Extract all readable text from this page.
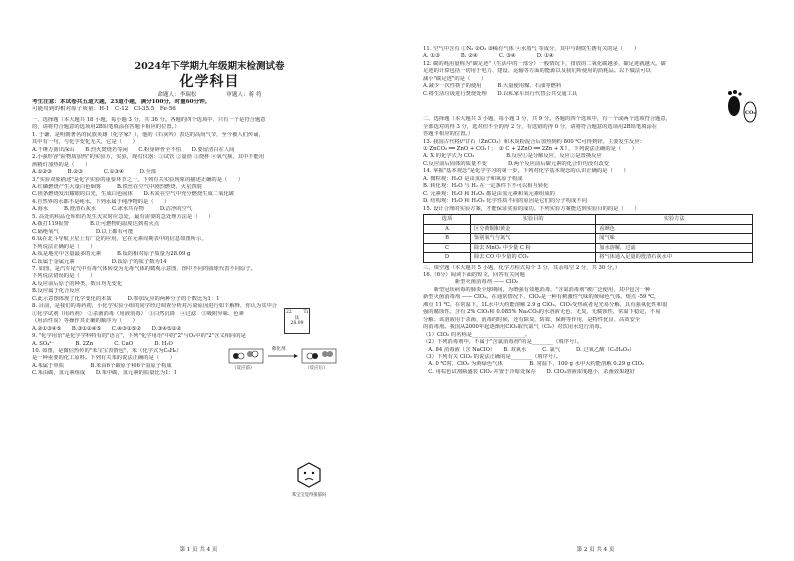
2024年下学期九年级期末检测试卷
化学科目
命题人：李瑞松	审题人：蒋 将
考生注意：本试卷共五道大题，23道小题，满分100分，时量60分钟。
可能用到的相对原子质量：H-1　C-12　Cl-35.5　Fe-56
一、选择题（本大题共 18 小题，每小题 3 分，共 36 分。各题的四个选项中，只有一个是符合题意
的，请将符合题意的选项用2B铅笔填涂在答题卡相应的位置。）
1. 于谦，是明朝著名的民族英雄（化学家？），他的《石灰吟》表达的高尚气节，至今被人们传诵，
其中有一句，与化学变化无关，它是（　　）
A.千锤万凿出深山　　B.烈火焚烧若等闲　　C.粉身碎骨全不怕　　D.要留清白在人间
2.小强形容"险物质加热"的实验方，实验，现有仪器：①试管 ②量筒 ③烧杯 ④氧气瓶，其中不能用
酒精灯加热的是（　　）
A.①②③　　　B.②③　　　　C.①③④　　　D.全部
3."实验双象描述"是化学实验的重要环节之一，下列有关实验现象的描述正确的是（　　）
A.红磷燃烧产生大量白色烟雾　　　B.铁丝在空气中剧烈燃烧，火星四射
C.镁条燃烧发出耀眼的白光，生成白色固体　　D.木炭在空气中充分燃烧生成二氧化碳
4.自然界的水都不是纯水，下列水属于纯净物的是（　　）
A.海水　　　B.澄清石灰水　　　C.冰水共存物　　　D.洁净的空气
5. 高处的积品仓库假若发生火灾时应急处，最有需要的急处理方法是（　　）
A.拨打119报警　　　　B.让可燃物的温度达到着火点
C.隔绝氧气　　　　　　　D.以上都有可能
6.钛在北斗导航卫星上有广泛的应用，它在元素周期表中的信息如图所示，
下列说法正确的是（　　）
A.钛是地壳中含量最多的元素　　　B.钛的相对原子质量为28.09 g
C.钛属于金属元素　　　　　　　D.钛原子的质子数为14
7. 如图，是汽车尾气中有毒气体转变为无毒气体的微观示意图，图中不同的圆球代表不同原子。
下列说法错误的是（　　）
A.反应前后原子的种类、数目均无变化
B.反应属于化合反应
C.此示意图体现了化学变化的本质　　　D.参加反应的两种分子的个数比为1：1
8. 目前，是我们的毒药初，小化学实验小组的同学经过调查分析对污染原因进行如下解释，你认为其中合
①化学试剂（用药剂）　②杀菌消毒（用液消毒）　③白然沉降　④过滤　⑤吸附异味、色素
（用活性炭）等操作其正确的顺序为（　　）
A.②①③④⑤　　B.③①②④⑤　　C.④③①⑤②　　D.③④⑤①②
9. "化学用语"是化学学科特有的"语言"，下列"化学用语"中的"2"与O₂中的"2"含义相同的是
A. SO₄²⁻　　　　B. 2Zn　　　　C. CaO　　　　D. H₂O
10. 如图，是微信热传的"苯宝宝表情包"，苯（化学式为C₆H₆）
是一种重要的化工原料。下列有关苯的说法正确的是（　　）
A.苯属于单质　　　　　B.苯由6个碳原子和6个氢原子构成
C.苯由碳、氢元素组成　　D.苯中碳、氢元素的质量比为1：1
22	Ti
钛
28.09
催化剂
（反应前）	（反应后）
苯宝宝觉得很郁闷
第 1 页 共 4 页
11. 空气中含有 ①N₂ ②O₂ ③稀有气体 ④水蒸气 等成分，其中与钢铁生锈有关的是（　　）
A. ①③　　　　B. ②④　　　　C. ③④　　　　D. ①④
12. 碳的耗用量称为"碳足迹"（生活中的一部分）一般情况下，排放的二氧化碳越多，碳足迹就越大。碳
足迹的计算包括一切用于电力、建设、运输等方面的能源以及我们所使用的消耗品。以下做法可以
减小"碳足迹"的是（　　）
A.减少一次性筷子的使用　　　B.大量使用煤、石油等燃料
C.将生活垃圾进行焚烧处理　　D.以私家车出行代替公共交通工具
二、选择题（本大题共 3 小题，每小题 3 分，共 9 分。各题的四个选项中，有一个或两个选项符合题意，
全部选对的得 3 分，选对但不全的得 2 分，有选错的得 0 分，请将符合题意的选项用2B铅笔填涂在
答题卡相应的位置。）
13. 我国古代将炉甘石（ZnCO₃）和木炭粉混合后加热到约 800 ℃可得到锌。主要发生反应：
① ZnCO₃ ══ ZnO + CO₂↑；　② C + 2ZnO ══ 2Zn + X↑，下列说法正确的是（　　）
A. X 的化学式为 CO₂　　　　　　B.反应①是分解反应，反应②是置换反应
C.反应前后固体的质量不变　　　　D.两个反应前后碳元素的化合价均没有改变
14. 掌握"基本观念"是化学学习的第一步，下列对化学基本观念的认识正确的是（　　）
A. 微粒观：H₂O 是由氢原子和氧原子构成
B. 转化观：H₂O 与 H₂ 在一定条件下不可以相互转化
C. 元素观：H₂O 和 H₂O₂ 都是由氢元素和氧元素组成的
D. 结构观：H₂O 和 H₂O₂ 化学性质不同的原因是它们的分子构成不同
15. 设计合理的实验方案，才能保证实验的成功。下列实验方案能达到实验目的的是（　　）
选项	实验目的	实验方法
A	区分黄铜和黄金	看颜色
B	鉴别氧气与氮气	闻气味
C	除去 MnO₂ 中少量 C 粉	加水溶解，过滤
D	除去 CO 中少量的 CO₂	将气体通入足量的澄清石灰水中
三、填空题（本大题共 5 小题，化学方程式每个 3 分，其余每空 2 分，共 30 分。）
16.（6分）阅读下面的短文，回答有关问题
　　　　　　新型灭菌消毒剂 —— ClO₂
　　新型冠状病毒的肺炎全球期间，为增强有效地消毒，"含氯消毒剂"被广泛使用，其中包含一种
新型灭菌消毒剂 —— ClO₂。在通常情况下，ClO₂是一种有刺激性气味的黄绿色气体，熔点 -59 ℃，
沸点 11 ℃。在常温下，1L水中大约能溶解 2.9 g ClO₂。ClO₂受热或者见光易分解，具有强氧化性和很
强的腐蚀性。含有 2% ClO₂和 0.085% Na₂CO₃的水溶液无色、无臭、无腐蚀性，常温下稳定，不易
分解；该溶液用于杀菌、消毒的时候，还有除臭、防霉、保鲜等作用，是特性优良、高效安全
的消毒剂。我国从2000年起逐渐用ClO₂取代氯气（Cl₂）对饮用水进行消毒。
（1）ClO₂ 的名称是____________________。
（2）下列消毒剂中，不属于"含氯消毒剂"的是________（填序号）。
　A. 84 消毒液（含 NaClO）　　B. 双氧水　　　C. 氯气　　　D. 过氧乙酸（C₂H₄O₃）
（3）下列有关 ClO₂ 的说法正确的是________（填序号）。
　A. 0 ℃时，ClO₂ 为黄绿色气体　　　　　B. 常温下，100 g 水中大约能溶解 0.29 g ClO₂
　C. 用棕色试剂瓶盛装 ClO₂ 并置于冷暗处保存　　D. ClO₂溶液浓度越小，杀菌效果越好
CO₂
第 2 页 共 4 页
